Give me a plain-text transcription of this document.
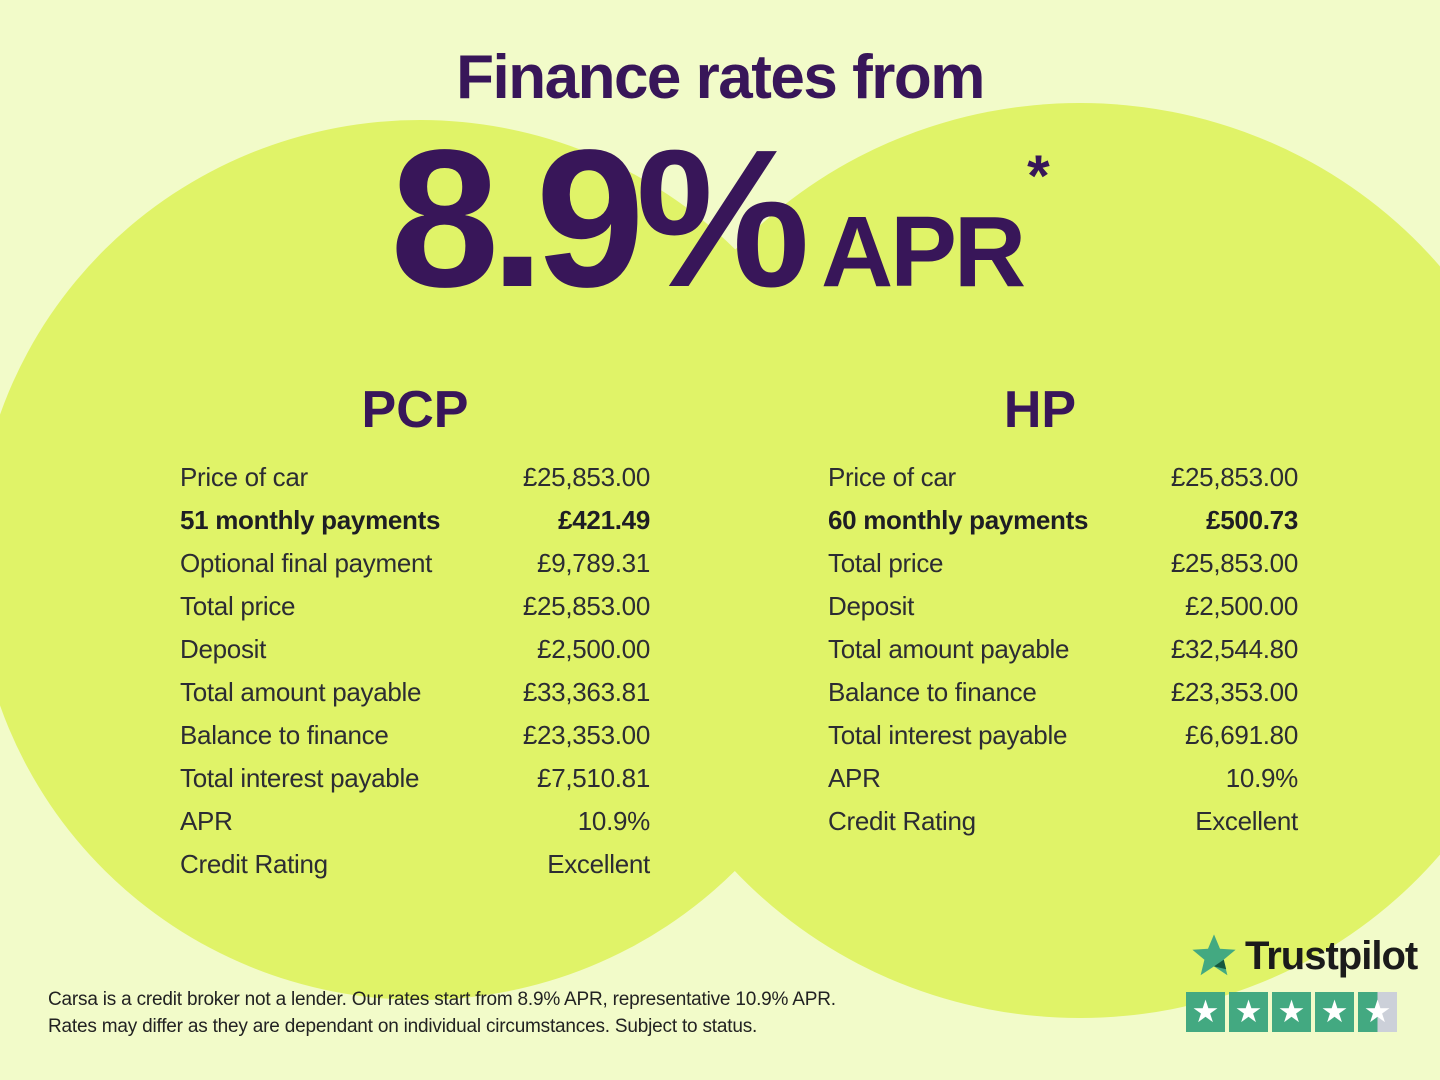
Finance rates from
8.9% APR
*
PCP
Price of car	£25,853.00
51 monthly payments	£421.49
Optional final payment	£9,789.31
Total price	£25,853.00
Deposit	£2,500.00
Total amount payable	£33,363.81
Balance to finance	£23,353.00
Total interest payable	£7,510.81
APR	10.9%
Credit Rating	Excellent
HP
Price of car	£25,853.00
60 monthly payments	£500.73
Total price	£25,853.00
Deposit	£2,500.00
Total amount payable	£32,544.80
Balance to finance	£23,353.00
Total interest payable	£6,691.80
APR	10.9%
Credit Rating	Excellent
Carsa is a credit broker not a lender. Our rates start from 8.9% APR, representative 10.9% APR.
Rates may differ as they are dependant on individual circumstances. Subject to status.
Trustpilot
★ ★ ★ ★ ★
